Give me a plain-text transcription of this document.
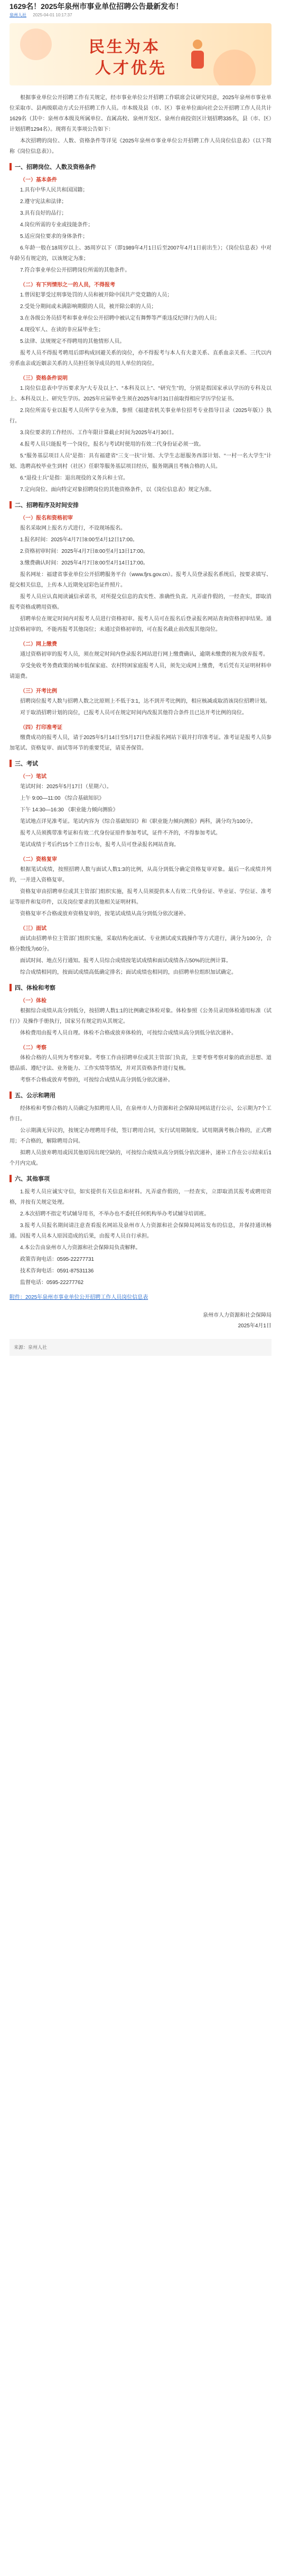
1629名！2025年泉州市事业单位招聘公告最新发布！
泉州人社 2025-04-01 10:17:37
民生为本
人才优先

根据事业单位公开招聘工作有关规定，经市事业单位公开招聘工作联席会议研究同意，2025年泉州市事业单位采取市、县两级联动方式公开招聘工作人员。市本级及县（市、区）事业单位面向社会公开招聘工作人员共计1629名（其中：泉州市本级及所属单位、直属高校、泉州开发区、泉州台商投资区计划招聘335名，县（市、区）计划招聘1294名）。现将有关事项公告如下：

本次招聘的岗位、人数、资格条件等详见《2025年泉州市事业单位公开招聘工作人员岗位信息表》（以下简称《岗位信息表》）。

一、招聘岗位、人数及资格条件
（一）基本条件

1.具有中华人民共和国国籍；

2.遵守宪法和法律；

3.具有良好的品行；

4.岗位所需的专业或技能条件；

5.适应岗位要求的身体条件；

6.年龄一般在18周岁以上、35周岁以下（即1989年4月1日后至2007年4月1日前出生）；《岗位信息表》中对年龄另有规定的，以该规定为准；

7.符合事业单位公开招聘岗位所需的其他条件。

（二）有下列情形之一的人员，不得报考

1.曾因犯罪受过刑事处罚的人员和被开除中国共产党党籍的人员；

2.受处分期间或未满影响期限的人员，被开除公职的人员；

3.在各级公务员招考和事业单位公开招聘中被认定有舞弊等严重违反纪律行为的人员；

4.现役军人、在读的非应届毕业生；

5.法律、法规规定不得聘用的其他情形人员。

报考人员不得报考聘用后即构成回避关系的岗位，亦不得报考与本人有夫妻关系、直系血亲关系、三代以内旁系血亲或近姻亲关系的人员担任领导成员的用人单位的岗位。

（三）资格条件说明

1.岗位信息表中学历要求为“大专及以上”、“本科及以上”、“研究生”的，分别是指国家承认学历的专科及以上、本科及以上、研究生学历。2025年应届毕业生须在2025年8月31日前取得相应学历学位证书。

2.岗位所需专业以报考人员所学专业为准，参照《福建省机关事业单位招考专业指导目录（2025年版）》执行。

3.岗位要求的工作经历、工作年限计算截止时间为2025年4月30日。

4.报考人员只能报考一个岗位，报名与考试时使用的有效二代身份证必须一致。

5.“服务基层项目人员”是指：具有福建省“三支一扶”计划、大学生志愿服务西部计划、“一村一名大学生”计划、选聘高校毕业生到村（社区）任职等服务基层项目经历，服务期满且考核合格的人员。

6.“退役士兵”是指：退出现役的义务兵和士官。

7.定向岗位、面向特定对象招聘岗位的其他资格条件，以《岗位信息表》规定为准。

二、招聘程序及时间安排
（一）报名和资格初审

报名采取网上报名方式进行，不设现场报名。

1.报名时间：2025年4月7日8:00至4月12日17:00。

2.资格初审时间：2025年4月7日8:00至4月13日17:00。

3.缴费确认时间：2025年4月7日8:00至4月14日17:00。

报名网址：福建省事业单位公开招聘服务平台（www.fjrs.gov.cn）。报考人员登录报名系统后，按要求填写、提交相关信息，上传本人近期免冠彩色证件照片。

报考人员应认真阅读诚信承诺书，对所提交信息的真实性、准确性负责。凡弄虚作假的，一经查实，即取消报考资格或聘用资格。

招聘单位在规定时间内对报考人员进行资格初审。报考人员可在报名后登录报名网站查询资格初审结果。通过资格初审的，不能再报考其他岗位；未通过资格初审的，可在报名截止前改报其他岗位。

（二）网上缴费

通过资格初审的报考人员，须在规定时间内登录报名网站进行网上缴费确认，逾期未缴费的视为放弃报考。

享受免收考务费政策的城市低保家庭、农村特困家庭报考人员，须先完成网上缴费，考后凭有关证明材料申请退费。

（三）开考比例

招聘岗位报考人数与招聘人数之比原则上不低于3:1，达不到开考比例的，相应核减或取消该岗位招聘计划。

对于取消招聘计划的岗位，已报考人员可在规定时间内改报其他符合条件且已达开考比例的岗位。

（四）打印准考证

缴费成功的报考人员，请于2025年5月14日至5月17日登录报名网站下载并打印准考证。准考证是报考人员参加笔试、资格复审、面试等环节的重要凭证，请妥善保管。

三、考试
（一）笔试

笔试时间：2025年5月17日（星期六）。

上午 9:00—11:00 《综合基础知识》

下午 14:30—16:30 《职业能力倾向测验》

笔试地点详见准考证。笔试内容为《综合基础知识》和《职业能力倾向测验》两科，满分均为100分。

报考人员须携带准考证和有效二代身份证原件参加考试，证件不齐的，不得参加考试。

笔试成绩于考后约15个工作日公布，报考人员可登录报名网站查询。

（二）资格复审

根据笔试成绩，按照招聘人数与面试人数1:3的比例，从高分到低分确定资格复审对象。最后一名成绩并列的，一并进入资格复审。

资格复审由招聘单位或其主管部门组织实施，报考人员须提供本人有效二代身份证、毕业证、学位证、准考证等原件和复印件，以及岗位要求的其他相关证明材料。

资格复审不合格或放弃资格复审的，按笔试成绩从高分到低分依次递补。

（三）面试

面试由招聘单位主管部门组织实施，采取结构化面试、专业测试或实践操作等方式进行，满分为100分，合格分数线为60分。

面试时间、地点另行通知。报考人员综合成绩按笔试成绩和面试成绩各占50%的比例计算。

综合成绩相同的，按面试成绩高低确定排名；面试成绩也相同的，由招聘单位组织加试确定。

四、体检和考察
（一）体检

根据综合成绩从高分到低分，按招聘人数1:1的比例确定体检对象。体检参照《公务员录用体检通用标准（试行）》及操作手册执行，国家另有规定的从其规定。

体检费用由报考人员自理。体检不合格或放弃体检的，可按综合成绩从高分到低分依次递补。

（二）考察

体检合格的人员列为考察对象。考察工作由招聘单位或其主管部门负责，主要考察考察对象的政治思想、道德品质、遵纪守法、业务能力、工作实绩等情况，并对其资格条件进行复核。

考察不合格或放弃考察的，可按综合成绩从高分到低分依次递补。

五、公示和聘用

经体检和考察合格的人员确定为拟聘用人员，在泉州市人力资源和社会保障局网站进行公示，公示期为7个工作日。

公示期满无异议的，按规定办理聘用手续，签订聘用合同，实行试用期制度。试用期满考核合格的，正式聘用；不合格的，解除聘用合同。

拟聘人员放弃聘用或因其他原因出现空缺的，可按综合成绩从高分到低分依次递补，递补工作在公示结束后1个月内完成。

六、其他事项

1.报考人员应诚实守信，如实提供有关信息和材料。凡弄虚作假的，一经查实，立即取消其报考或聘用资格，并按有关规定处理。

2.本次招聘不指定考试辅导用书，不举办也不委托任何机构举办考试辅导培训班。

3.报考人员报名期间请注意查看报名网站及泉州市人力资源和社会保障局网站发布的信息，并保持通讯畅通。因报考人员本人原因造成的后果，由报考人员自行承担。

4.本公告由泉州市人力资源和社会保障局负责解释。

政策咨询电话：0595-22277731

技术咨询电话：0591-87531136

监督电话：0595-22277762

附件：2025年泉州市事业单位公开招聘工作人员岗位信息表
泉州市人力资源和社会保障局
2025年4月1日
来源：泉州人社
